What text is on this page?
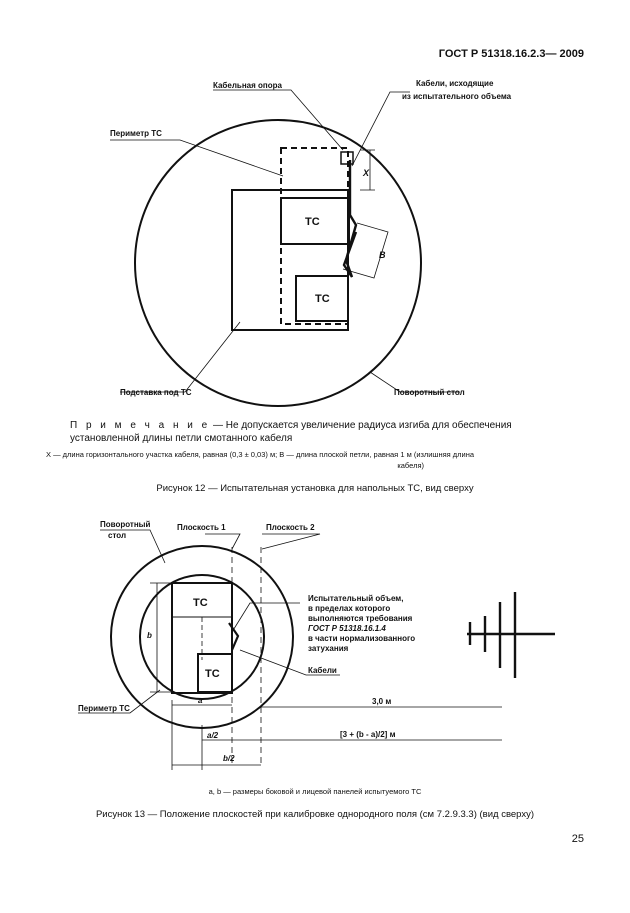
ГОСТ Р 51318.16.2.3— 2009
Кабельная опора	Кабели, исходящие
из испытательного объема
Периметр ТС
Подставка под ТС	Поворотный стол
X
B
ТС
ТС
Поворотный
стол
Плоскость 1	Плоскость 2
Испытательный объем,
в пределах которого
выполняются требования
ГОСТ Р 51318.16.1.4
в части нормализованного
затухания
Кабели
Периметр ТС
b
a
a/2
b/2
3,0 м
[3 + (b - a)/2] м
ТС
ТС
П р и м е ч а н и е — Не допускается увеличение радиуса изгиба для обеспечения установленной длины петли смотанного кабеля
X — длина горизонтального участка кабеля, равная (0,3 ± 0,03) м; B — длина плоской петли, равная 1 м (излишняя длина
кабеля)
Рисунок 12 — Испытательная установка для напольных ТС, вид сверху
a, b — размеры боковой и лицевой панелей испытуемого ТС
Рисунок 13 — Положение плоскостей при калибровке однородного поля (см 7.2.9.3.3) (вид сверху)
25
